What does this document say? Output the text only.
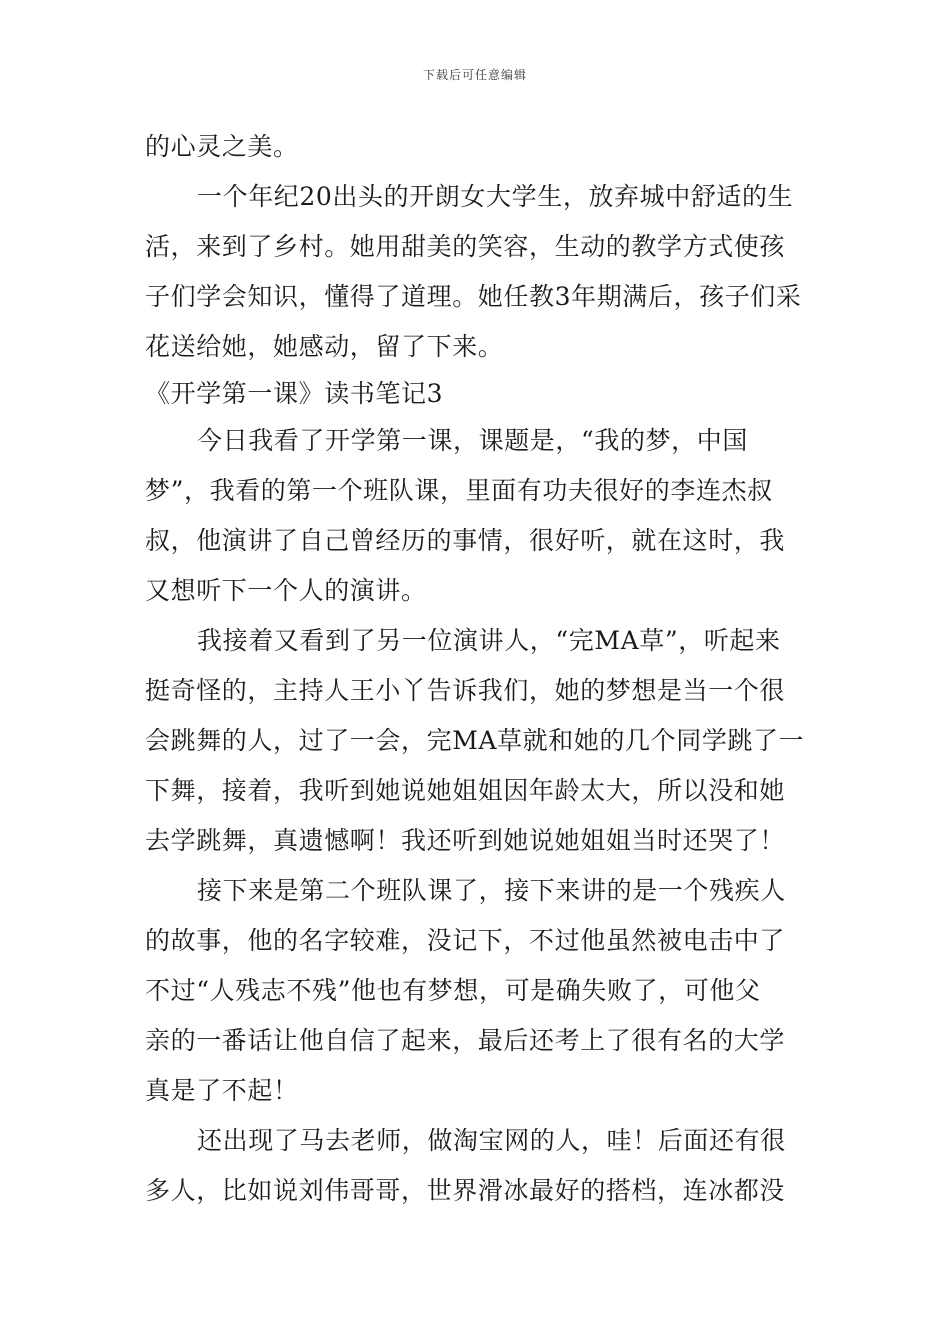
下载后可任意编辑
的心灵之美。
一个年纪20出头的开朗女大学生，放弃城中舒适的生
活，来到了乡村。她用甜美的笑容，生动的教学方式使孩
子们学会知识，懂得了道理。她任教3年期满后，孩子们采
花送给她，她感动，留了下来。
《开学第一课》读书笔记3
今日我看了开学第一课，课题是，“我的梦，中国
梦”，我看的第一个班队课，里面有功夫很好的李连杰叔
叔，他演讲了自己曾经历的事情，很好听，就在这时，我
又想听下一个人的演讲。
我接着又看到了另一位演讲人，“完MA草”，听起来
挺奇怪的，主持人王小丫告诉我们，她的梦想是当一个很
会跳舞的人，过了一会，完MA草就和她的几个同学跳了一
下舞，接着，我听到她说她姐姐因年龄太大，所以没和她
去学跳舞，真遗憾啊！我还听到她说她姐姐当时还哭了！
接下来是第二个班队课了，接下来讲的是一个残疾人
的故事，他的名字较难，没记下，不过他虽然被电击中了
不过“人残志不残”他也有梦想，可是确失败了，可他父
亲的一番话让他自信了起来，最后还考上了很有名的大学
真是了不起！
还出现了马去老师，做淘宝网的人，哇！后面还有很
多人，比如说刘伟哥哥，世界滑冰最好的搭档，连冰都没
